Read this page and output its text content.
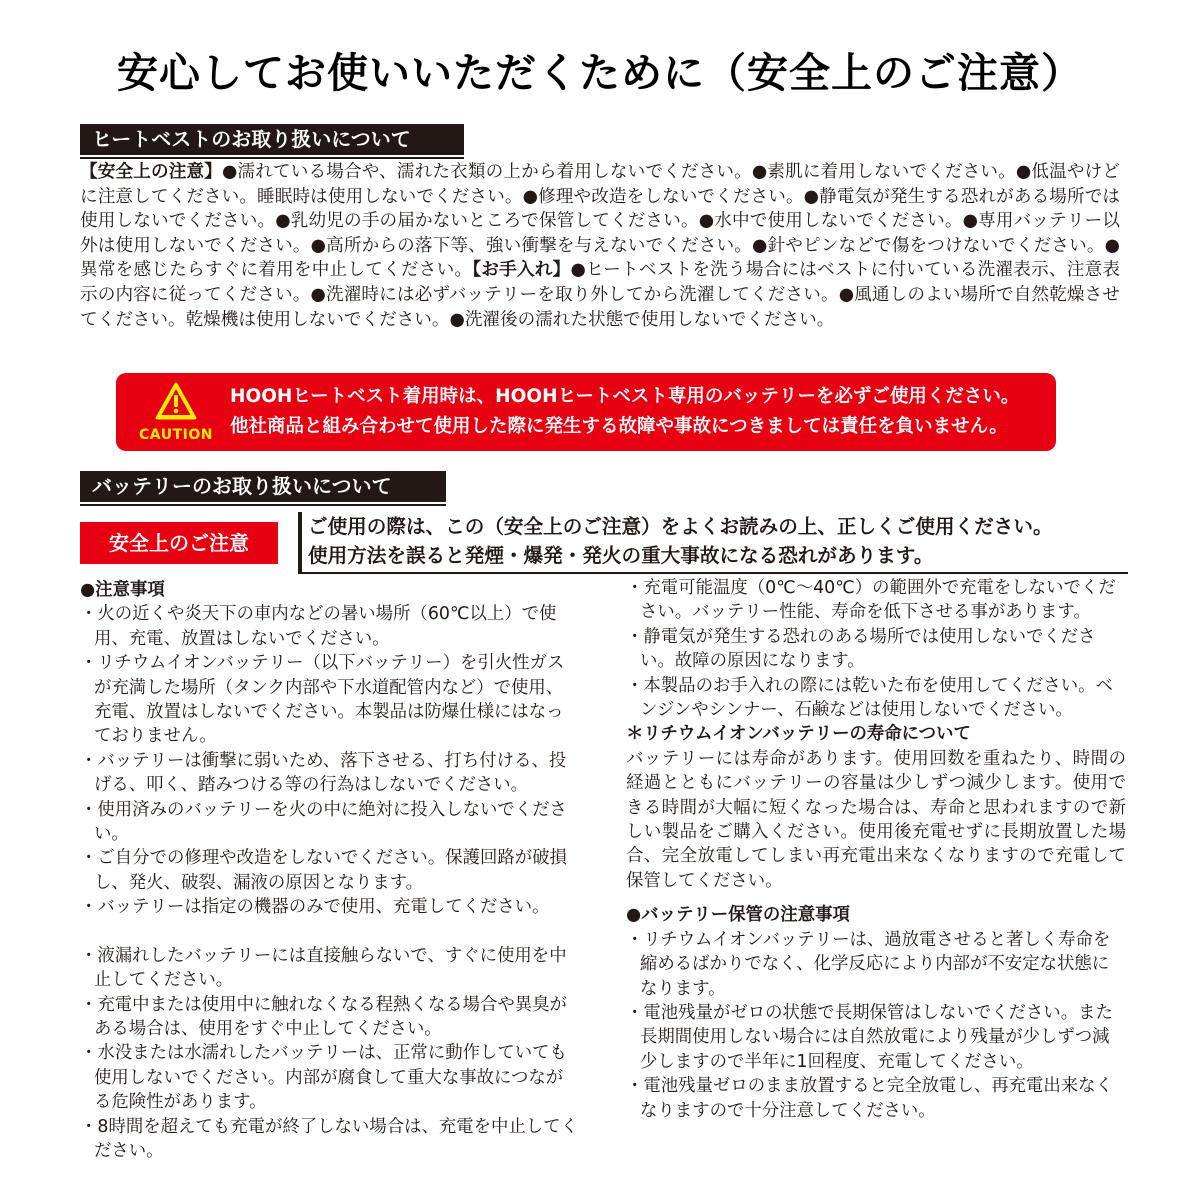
安心してお使いいただくために（安全上のご注意）
ヒートベストのお取り扱いについて
【安全上の注意】●濡れている場合や、濡れた衣類の上から着用しないでください。●素肌に着用しないでください。●低温やけどに注意してください。睡眠時は使用しないでください。●修理や改造をしないでください。●静電気が発生する恐れがある場所では使用しないでください。●乳幼児の手の届かないところで保管してください。●水中で使用しないでください。●専用バッテリー以外は使用しないでください。●高所からの落下等、強い衝撃を与えないでください。●針やピンなどで傷をつけないでください。●異常を感じたらすぐに着用を中止してください。【お手入れ】●ヒートベストを洗う場合にはベストに付いている洗濯表示、注意表示の内容に従ってください。●洗濯時には必ずバッテリーを取り外してから洗濯してください。●風通しのよい場所で自然乾燥させてください。乾燥機は使用しないでください。●洗濯後の濡れた状態で使用しないでください。
CAUTION
HOOHヒートベスト着用時は、HOOHヒートベスト専用のバッテリーを必ずご使用ください。
他社商品と組み合わせて使用した際に発生する故障や事故につきましては責任を負いません。
バッテリーのお取り扱いについて
安全上のご注意
ご使用の際は、この（安全上のご注意）をよくお読みの上、正しくご使用ください。
使用方法を誤ると発煙・爆発・発火の重大事故になる恐れがあります。
●注意事項

・火の近くや炎天下の車内などの暑い場所（60℃以上）で使用、充電、放置はしないでください。

・リチウムイオンバッテリー（以下バッテリー）を引火性ガスが充満した場所（タンク内部や下水道配管内など）で使用、充電、放置はしないでください。本製品は防爆仕様にはなっておりません。

・バッテリーは衝撃に弱いため、落下させる、打ち付ける、投げる、叩く、踏みつける等の行為はしないでください。

・使用済みのバッテリーを火の中に絶対に投入しないでください。

・ご自分での修理や改造をしないでください。保護回路が破損し、発火、破裂、漏液の原因となります。

・バッテリーは指定の機器のみで使用、充電してください。

・液漏れしたバッテリーには直接触らないで、すぐに使用を中止してください。

・充電中または使用中に触れなくなる程熱くなる場合や異臭がある場合は、使用をすぐ中止してください。

・水没または水濡れしたバッテリーは、正常に動作していても使用しないでください。内部が腐食して重大な事故につながる危険性があります。

・8時間を超えても充電が終了しない場合は、充電を中止してください。

・充電可能温度（0℃～40℃）の範囲外で充電をしないでください。バッテリー性能、寿命を低下させる事があります。

・静電気が発生する恐れのある場所では使用しないでください。故障の原因になります。

・本製品のお手入れの際には乾いた布を使用してください。ベンジンやシンナー、石鹸などは使用しないでください。

＊リチウムイオンバッテリーの寿命について

バッテリーには寿命があります。使用回数を重ねたり、時間の経過とともにバッテリーの容量は少しずつ減少します。使用できる時間が大幅に短くなった場合は、寿命と思われますので新しい製品をご購入ください。使用後充電せずに長期放置した場合、完全放電してしまい再充電出来なくなりますので充電して保管してください。

●バッテリー保管の注意事項

・リチウムイオンバッテリーは、過放電させると著しく寿命を縮めるばかりでなく、化学反応により内部が不安定な状態になります。

・電池残量がゼロの状態で長期保管はしないでください。また長期間使用しない場合には自然放電により残量が少しずつ減少しますので半年に1回程度、充電してください。

・電池残量ゼロのまま放置すると完全放電し、再充電出来なくなりますので十分注意してください。
